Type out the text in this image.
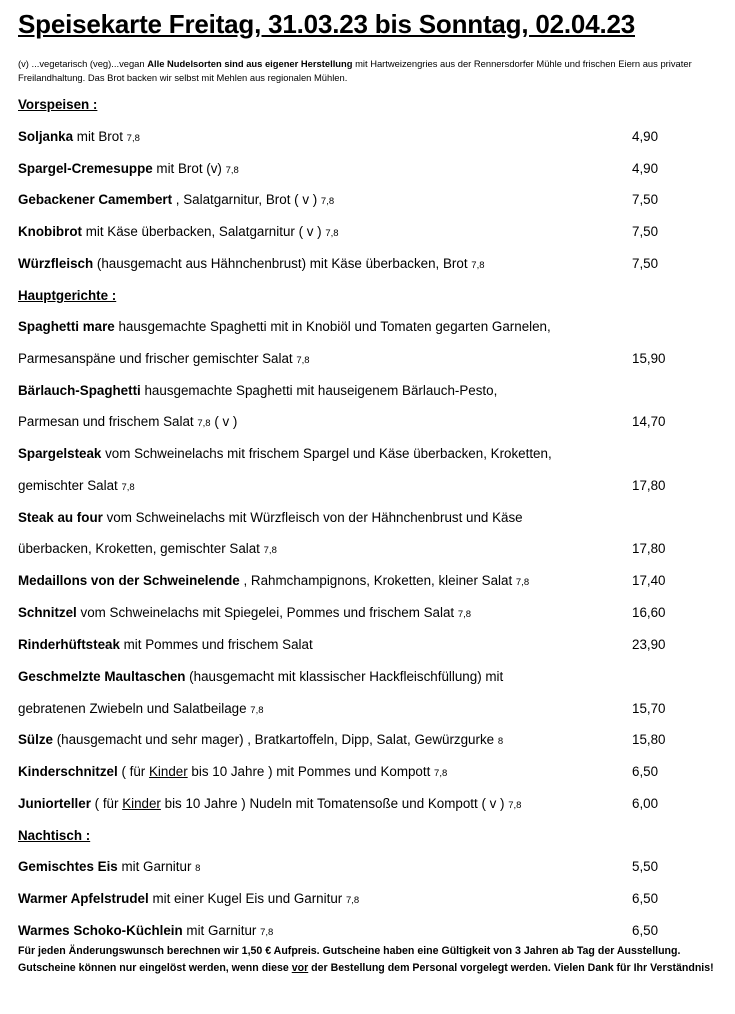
Speisekarte Freitag, 31.03.23 bis Sonntag, 02.04.23
(v) ...vegetarisch (veg)...vegan Alle Nudelsorten sind aus eigener Herstellung mit Hartweizengries aus der Rennersdorfer Mühle und frischen Eiern aus privater Freilandhaltung. Das Brot backen wir selbst mit Mehlen aus regionalen Mühlen.
Vorspeisen :
Soljanka mit Brot 7,8	4,90
Spargel-Cremesuppe mit Brot (v) 7,8	4,90
Gebackener Camembert , Salatgarnitur, Brot ( v ) 7,8	7,50
Knobibrot mit Käse überbacken, Salatgarnitur ( v ) 7,8	7,50
Würzfleisch (hausgemacht aus Hähnchenbrust) mit Käse überbacken, Brot 7,8	7,50
Hauptgerichte :
Spaghetti mare hausgemachte Spaghetti mit in Knobiöl und Tomaten gegarten Garnelen,
Parmesanspäne und frischer gemischter Salat 7,8	15,90
Bärlauch-Spaghetti hausgemachte Spaghetti mit hauseigenem Bärlauch-Pesto,
Parmesan und frischem Salat 7,8 ( v )	14,70
Spargelsteak vom Schweinelachs mit frischem Spargel und Käse überbacken, Kroketten,
gemischter Salat 7,8	17,80
Steak au four vom Schweinelachs mit Würzfleisch von der Hähnchenbrust und Käse
überbacken, Kroketten, gemischter Salat 7,8	17,80
Medaillons von der Schweinelende , Rahmchampignons, Kroketten, kleiner Salat 7,8	17,40
Schnitzel vom Schweinelachs mit Spiegelei, Pommes und frischem Salat 7,8	16,60
Rinderhüftsteak mit Pommes und frischem Salat	23,90
Geschmelzte Maultaschen (hausgemacht mit klassischer Hackfleischfüllung) mit
gebratenen Zwiebeln und Salatbeilage 7,8	15,70
Sülze (hausgemacht und sehr mager) , Bratkartoffeln, Dipp, Salat, Gewürzgurke 8	15,80
Kinderschnitzel ( für Kinder bis 10 Jahre ) mit Pommes und Kompott 7,8	6,50
Juniorteller ( für Kinder bis 10 Jahre ) Nudeln mit Tomatensoße und Kompott ( v ) 7,8	6,00
Nachtisch :
Gemischtes Eis mit Garnitur 8	5,50
Warmer Apfelstrudel mit einer Kugel Eis und Garnitur 7,8	6,50
Warmes Schoko-Küchlein mit Garnitur 7,8	6,50
Für jeden Änderungswunsch berechnen wir 1,50 € Aufpreis. Gutscheine haben eine Gültigkeit von 3 Jahren ab Tag der Ausstellung. Gutscheine können nur eingelöst werden, wenn diese vor der Bestellung dem Personal vorgelegt werden. Vielen Dank für Ihr Verständnis!
